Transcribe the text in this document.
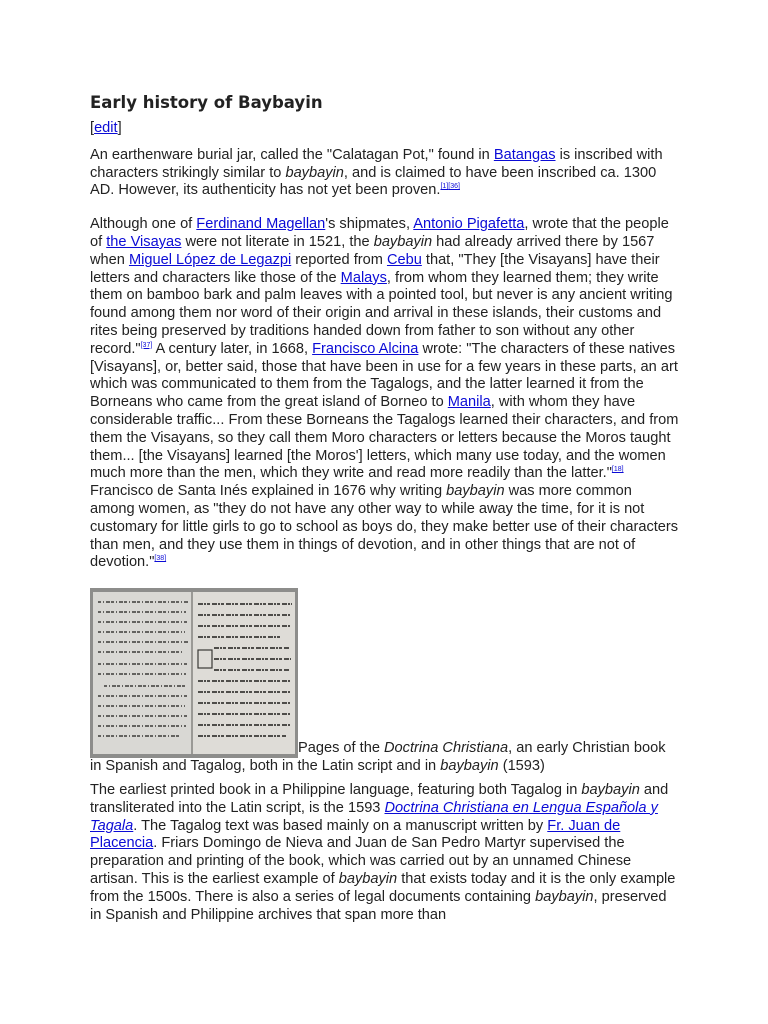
Early history of Baybayin
[edit]

An earthenware burial jar, called the "Calatagan Pot," found in Batangas is inscribed with characters strikingly similar to baybayin, and is claimed to have been inscribed ca. 1300 AD. However, its authenticity has not yet been proven.[1][36]

Although one of Ferdinand Magellan's shipmates, Antonio Pigafetta, wrote that the people of the Visayas were not literate in 1521, the baybayin had already arrived there by 1567 when Miguel López de Legazpi reported from Cebu that, "They [the Visayans] have their letters and characters like those of the Malays, from whom they learned them; they write them on bamboo bark and palm leaves with a pointed tool, but never is any ancient writing found among them nor word of their origin and arrival in these islands, their customs and rites being preserved by traditions handed down from father to son without any other record."[37] A century later, in 1668, Francisco Alcina wrote: "The characters of these natives [Visayans], or, better said, those that have been in use for a few years in these parts, an art which was communicated to them from the Tagalogs, and the latter learned it from the Borneans who came from the great island of Borneo to Manila, with whom they have considerable traffic... From these Borneans the Tagalogs learned their characters, and from them the Visayans, so they call them Moro characters or letters because the Moros taught them... [the Visayans] learned [the Moros'] letters, which many use today, and the women much more than the men, which they write and read more readily than the latter."[18] Francisco de Santa Inés explained in 1676 why writing baybayin was more common among women, as "they do not have any other way to while away the time, for it is not customary for little girls to go to school as boys do, they make better use of their characters than men, and they use them in things of devotion, and in other things that are not of devotion."[38]

Pages of the Doctrina Christiana, an early Christian book in Spanish and Tagalog, both in the Latin script and in baybayin (1593)

The earliest printed book in a Philippine language, featuring both Tagalog in baybayin and transliterated into the Latin script, is the 1593 Doctrina Christiana en Lengua Española y Tagala. The Tagalog text was based mainly on a manuscript written by Fr. Juan de Placencia. Friars Domingo de Nieva and Juan de San Pedro Martyr supervised the preparation and printing of the book, which was carried out by an unnamed Chinese artisan. This is the earliest example of baybayin that exists today and it is the only example from the 1500s. There is also a series of legal documents containing baybayin, preserved in Spanish and Philippine archives that span more than
